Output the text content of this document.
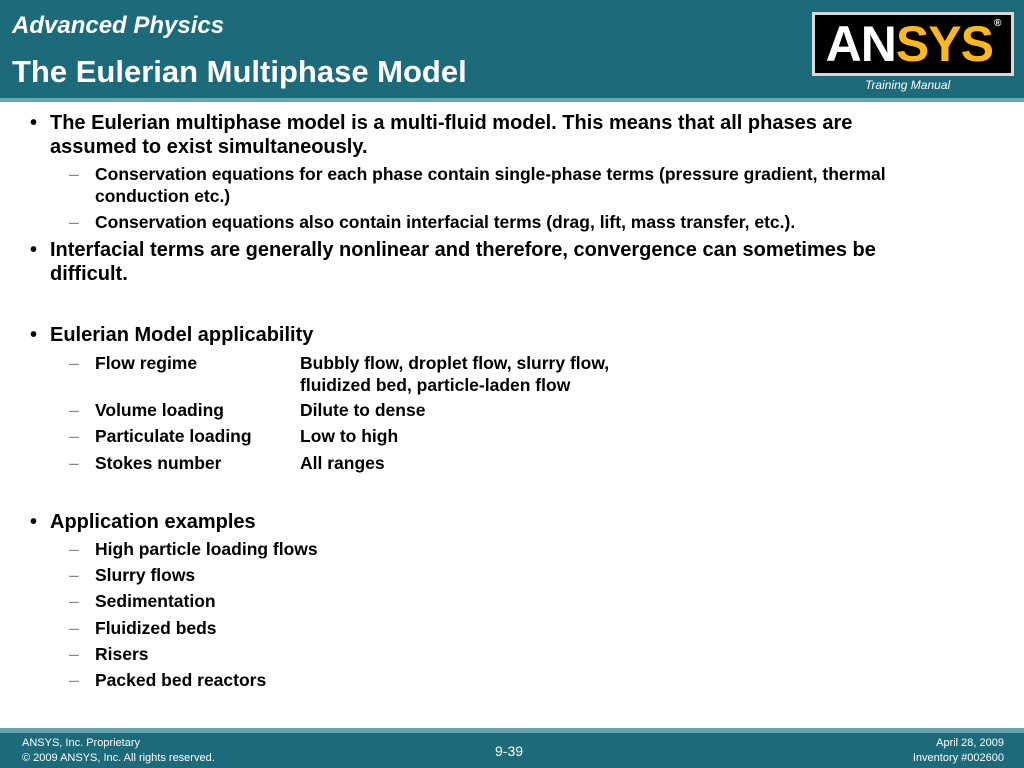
Advanced Physics
The Eulerian Multiphase Model	ANSYS®
Training Manual
• The Eulerian multiphase model is a multi-fluid model. This means that all phases are
assumed to exist simultaneously.
– Conservation equations for each phase contain single-phase terms (pressure gradient, thermal
conduction etc.)
– Conservation equations also contain interfacial terms (drag, lift, mass transfer, etc.).
• Interfacial terms are generally nonlinear and therefore, convergence can sometimes be
difficult.
• Eulerian Model applicability
– Flow regime	Bubbly flow, droplet flow, slurry flow,
fluidized bed, particle-laden flow
– Volume loading	Dilute to dense
– Particulate loading	Low to high
– Stokes number	All ranges
• Application examples
– High particle loading flows
– Slurry flows
– Sedimentation
– Fluidized beds
– Risers
– Packed bed reactors
ANSYS, Inc. Proprietary
© 2009 ANSYS, Inc. All rights reserved.	9-39	April 28, 2009
Inventory #002600
